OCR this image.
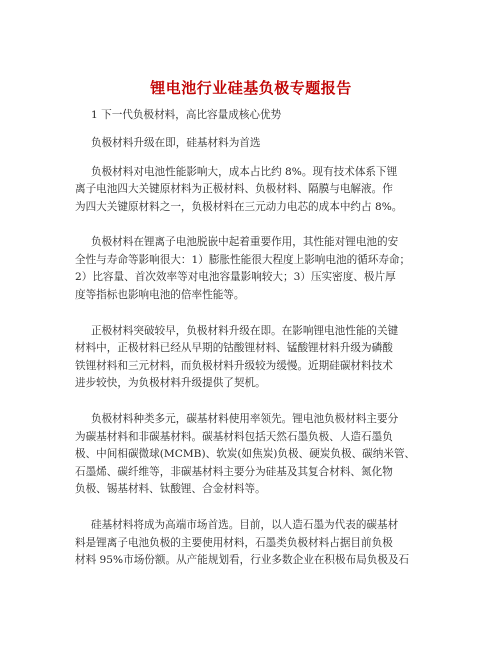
锂电池行业硅基负极专题报告
1 下一代负极材料，高比容量成核心优势
负极材料升级在即，硅基材料为首选
负极材料对电池性能影响大，成本占比约 8%。现有技术体系下锂
离子电池四大关键原材料为正极材料、负极材料、隔膜与电解液。作
为四大关键原材料之一，负极材料在三元动力电芯的成本中约占 8%。
负极材料在锂离子电池脱嵌中起着重要作用，其性能对锂电池的安
全性与寿命等影响很大：1）膨胀性能很大程度上影响电池的循环寿命；
2）比容量、首次效率等对电池容量影响较大；3）压实密度、极片厚
度等指标也影响电池的倍率性能等。
正极材料突破较早，负极材料升级在即。在影响锂电池性能的关键
材料中，正极材料已经从早期的钴酸锂材料、锰酸锂材料升级为磷酸
铁锂材料和三元材料，而负极材料升级较为缓慢。近期硅碳材料技术
进步较快，为负极材料升级提供了契机。
负极材料种类多元，碳基材料使用率领先。锂电池负极材料主要分
为碳基材料和非碳基材料。碳基材料包括天然石墨负极、人造石墨负
极、中间相碳微球(MCMB)、软炭(如焦炭)负极、硬炭负极、碳纳米管、
石墨烯、碳纤维等，非碳基材料主要分为硅基及其复合材料、氮化物
负极、锡基材料、钛酸锂、合金材料等。
硅基材料将成为高端市场首选。目前，以人造石墨为代表的碳基材
料是锂离子电池负极的主要使用材料，石墨类负极材料占据目前负极
材料 95%市场份额。从产能规划看，行业多数企业在积极布局负极及石
